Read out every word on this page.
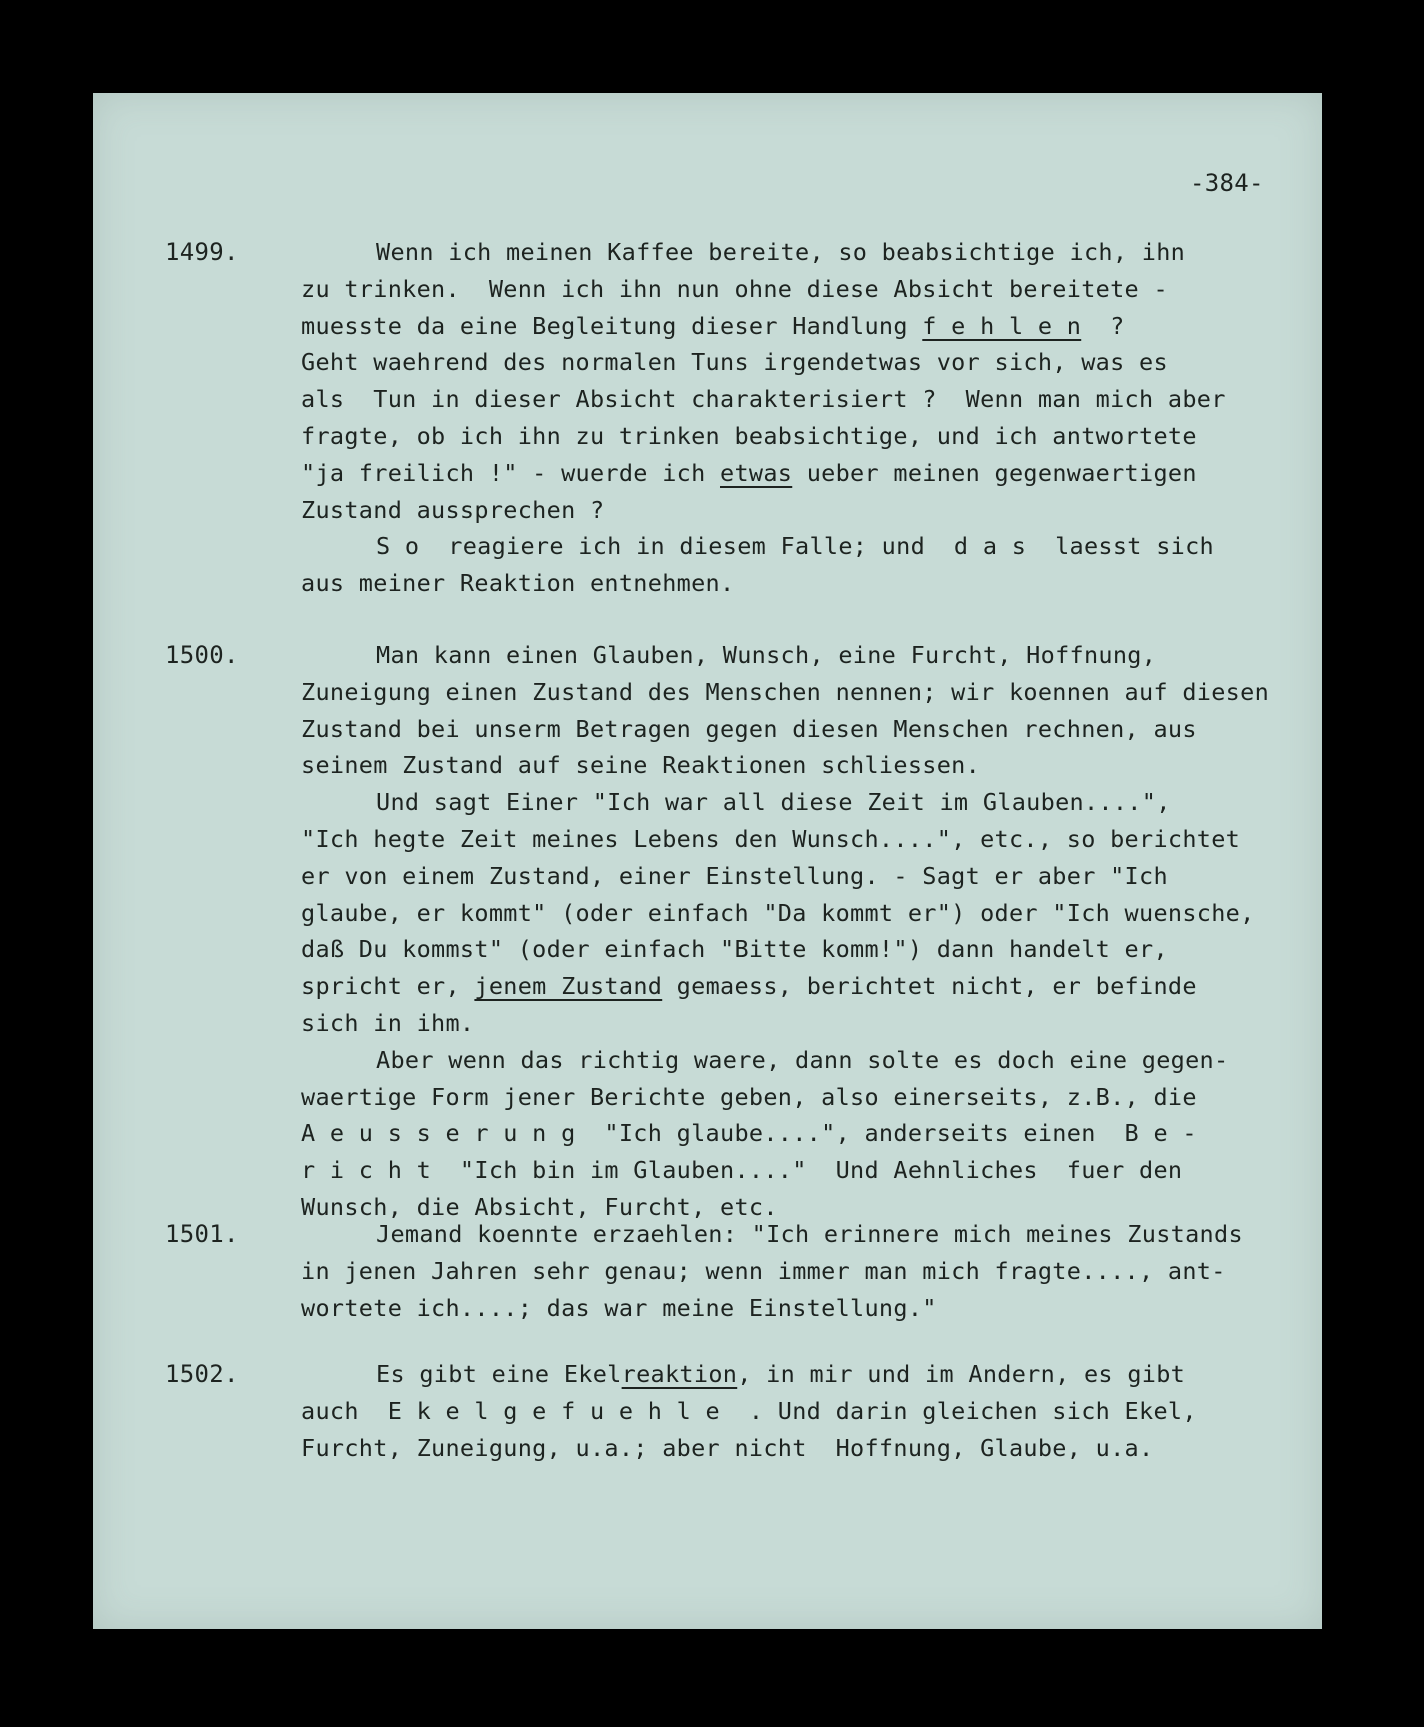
-384-
1499.	Wenn ich meinen Kaffee bereite, so beabsichtige ich, ihn
zu trinken.  Wenn ich ihn nun ohne diese Absicht bereitete -
muesste da eine Begleitung dieser Handlung f e h l e n  ?
Geht waehrend des normalen Tuns irgendetwas vor sich, was es
als  Tun in dieser Absicht charakterisiert ?  Wenn man mich aber
fragte, ob ich ihn zu trinken beabsichtige, und ich antwortete
"ja freilich !" - wuerde ich etwas ueber meinen gegenwaertigen
Zustand aussprechen ?
S o  reagiere ich in diesem Falle; und  d a s  laesst sich
aus meiner Reaktion entnehmen.
1500.	Man kann einen Glauben, Wunsch, eine Furcht, Hoffnung,
Zuneigung einen Zustand des Menschen nennen; wir koennen auf diesen
Zustand bei unserm Betragen gegen diesen Menschen rechnen, aus
seinem Zustand auf seine Reaktionen schliessen.
Und sagt Einer "Ich war all diese Zeit im Glauben....",
"Ich hegte Zeit meines Lebens den Wunsch....", etc., so berichtet
er von einem Zustand, einer Einstellung. - Sagt er aber "Ich
glaube, er kommt" (oder einfach "Da kommt er") oder "Ich wuensche,
daß Du kommst" (oder einfach "Bitte komm!") dann handelt er,
spricht er, jenem Zustand gemaess, berichtet nicht, er befinde
sich in ihm.
Aber wenn das richtig waere, dann solte es doch eine gegen-
waertige Form jener Berichte geben, also einerseits, z.B., die
A e u s s e r u n g  "Ich glaube....", anderseits einen  B e -
r i c h t  "Ich bin im Glauben...."  Und Aehnliches  fuer den
Wunsch, die Absicht, Furcht, etc.
1501.	Jemand koennte erzaehlen: "Ich erinnere mich meines Zustands
in jenen Jahren sehr genau; wenn immer man mich fragte...., ant-
wortete ich....; das war meine Einstellung."
1502.	Es gibt eine Ekelreaktion, in mir und im Andern, es gibt
auch  E k e l g e f u e h l e  . Und darin gleichen sich Ekel,
Furcht, Zuneigung, u.a.; aber nicht  Hoffnung, Glaube, u.a.
